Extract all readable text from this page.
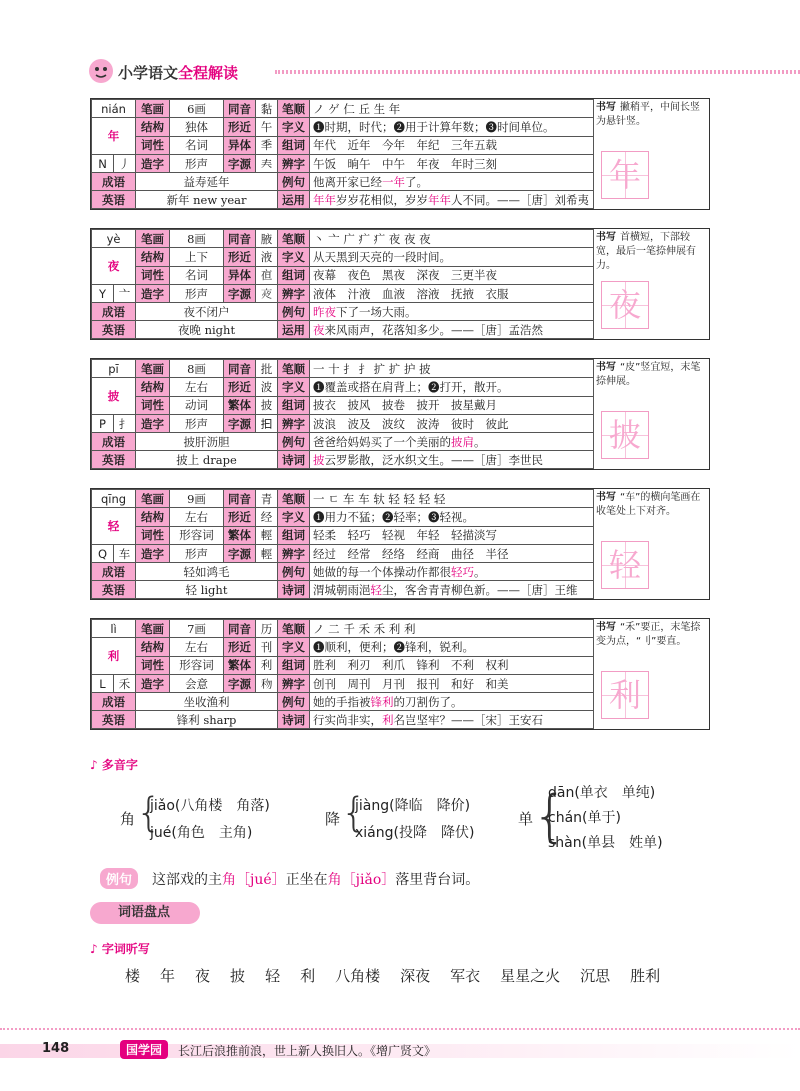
小学语文全程解读
nián		笔画	6画	同音	黏	笔顺	ノ ゲ 仁 丘 生 年
年		结构	独体	形近	午	字义	❶时期，时代；❷用于计算年数；❸时间单位。
		词性	名词	异体	秊	组词	年代　近年　今年　年纪　三年五载
N	丿	造字	形声	字源	𡗗	辨字	午饭　晌午　中午　年夜　年时三刻
成语		益寿延年				例句	他离开家已经一年了。
英语		新年 new year				运用	年年岁岁花相似，岁岁年年人不同。——［唐］刘希夷
书写 撇稍平，中间长竖为悬针竖。
年
yè		笔画	8画	同音	腋	笔顺	丶 亠 广 疒 疒 夜 夜 夜
夜		结构	上下	形近	液	字义	从天黑到天亮的一段时间。
		词性	名词	异体	亱	组词	夜幕　夜色　黑夜　深夜　三更半夜
Y	亠	造字	形声	字源	𡖍	辨字	液体　汁液　血液　溶液　抚掖　衣服
成语		夜不闭户				例句	昨夜下了一场大雨。
英语		夜晚 night				运用	夜来风雨声，花落知多少。——［唐］孟浩然
书写 首横短，下部较宽，最后一笔捺伸展有力。
夜
pī		笔画	8画	同音	批	笔顺	一 十 扌 扌 扩 扩 护 披
披		结构	左右	形近	波	字义	❶覆盖或搭在肩背上；❷打开，散开。
		词性	动词	繁体	披	组词	披衣　披风　披卷　披开　披星戴月
P	扌	造字	形声	字源	𢪏	辨字	波浪　波及　波纹　波涛　彼时　彼此
成语		披肝沥胆				例句	爸爸给妈妈买了一个美丽的披肩。
英语		披上 drape				诗词	披云罗影散，泛水织文生。——［唐］李世民
书写 “皮”竖宜短，末笔捺伸展。
披
qīng		笔画	9画	同音	青	笔顺	一 ㄷ 车 车 轪 轻 轻 轻 轻
轻		结构	左右	形近	经	字义	❶用力不猛；❷轻率；❸轻视。
		词性	形容词	繁体	輕	组词	轻柔　轻巧　轻视　年轻　轻描淡写
Q	车	造字	形声	字源	輕	辨字	经过　经常　经络　经商　曲径　半径
成语		轻如鸿毛				例句	她做的每一个体操动作都很轻巧。
英语		轻 light				诗词	渭城朝雨浥轻尘，客舍青青柳色新。——［唐］王维
书写 “车”的横向笔画在收笔处上下对齐。
轻
lì		笔画	7画	同音	历	笔顺	ノ 二 千 禾 禾 利 利
利		结构	左右	形近	刊	字义	❶顺利，便利；❷锋利，锐利。
		词性	形容词	繁体	利	组词	胜利　利刃　利爪　锋利　不利　权利
L	禾	造字	会意	字源	𥝤	辨字	创刊　周刊　月刊　报刊　和好　和美
成语		坐收渔利				例句	她的手指被锋利的刀割伤了。
英语		锋利 sharp				诗词	行实尚非实，利名岂坚牢？——［宋］王安石
书写 “禾”要正，末笔捺变为点，“刂”要直。
利
♪ 多音字
角 {
jiǎo(八角楼　角落)
jué(角色　主角)
降 {
jiàng(降临　降价)
xiáng(投降　降伏)
单
{
dān(单衣　单纯)
chán(单于)
shàn(单县　姓单)
例句 这部戏的主角［jué］正坐在角［jiǎo］落里背台词。
词语盘点
♪ 字词听写
楼 年 夜 披 轻 利 八角楼 深夜 军衣 星星之火 沉思 胜利
148	国学园	长江后浪推前浪，世上新人换旧人。《增广贤文》
